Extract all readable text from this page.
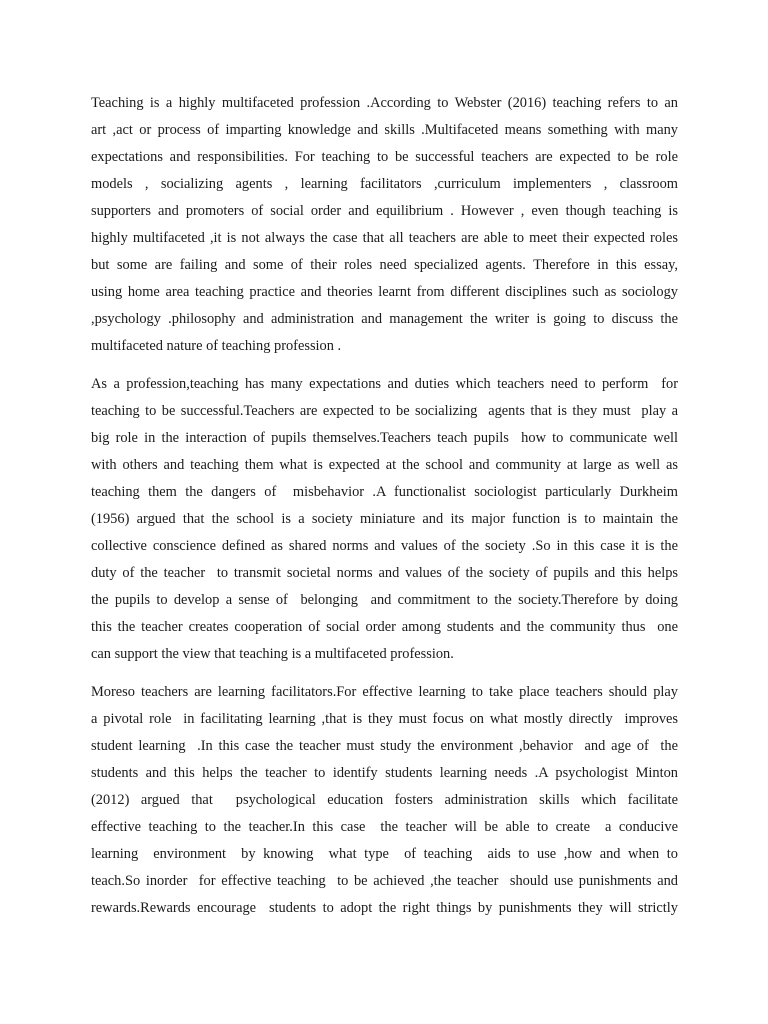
Teaching is a highly multifaceted profession .According to Webster (2016) teaching refers to an
art ,act or process of imparting knowledge and skills .Multifaceted means something with many
expectations and responsibilities. For teaching to be successful teachers are expected to be role
models , socializing agents , learning facilitators ,curriculum implementers , classroom
supporters and promoters of social order and equilibrium . However , even though teaching is
highly multifaceted ,it is not always the case that all teachers are able to meet their expected roles
but some are failing and some of their roles need specialized agents. Therefore in this essay,
using home area teaching practice and theories learnt from different disciplines such as sociology
,psychology .philosophy and administration and management the writer is going to discuss the
multifaceted nature of teaching profession .
As a profession,teaching has many expectations and duties which teachers need to perform  for
teaching to be successful.Teachers are expected to be socializing  agents that is they must  play a
big role in the interaction of pupils themselves.Teachers teach pupils  how to communicate well
with others and teaching them what is expected at the school and community at large as well as
teaching them the dangers of  misbehavior .A functionalist sociologist particularly Durkheim
(1956) argued that the school is a society miniature and its major function is to maintain the
collective conscience defined as shared norms and values of the society .So in this case it is the
duty of the teacher  to transmit societal norms and values of the society of pupils and this helps
the pupils to develop a sense of  belonging  and commitment to the society.Therefore by doing
this the teacher creates cooperation of social order among students and the community thus  one
can support the view that teaching is a multifaceted profession.
Moreso teachers are learning facilitators.For effective learning to take place teachers should play
a pivotal role  in facilitating learning ,that is they must focus on what mostly directly  improves
student learning  .In this case the teacher must study the environment ,behavior  and age of  the
students and this helps the teacher to identify students learning needs .A psychologist Minton
(2012) argued that  psychological education fosters administration skills which facilitate
effective teaching to the teacher.In this case  the teacher will be able to create  a conducive
learning  environment  by knowing  what type  of teaching  aids to use ,how and when to
teach.So inorder  for effective teaching  to be achieved ,the teacher  should use punishments and
rewards.Rewards encourage  students to adopt the right things by punishments they will strictly
